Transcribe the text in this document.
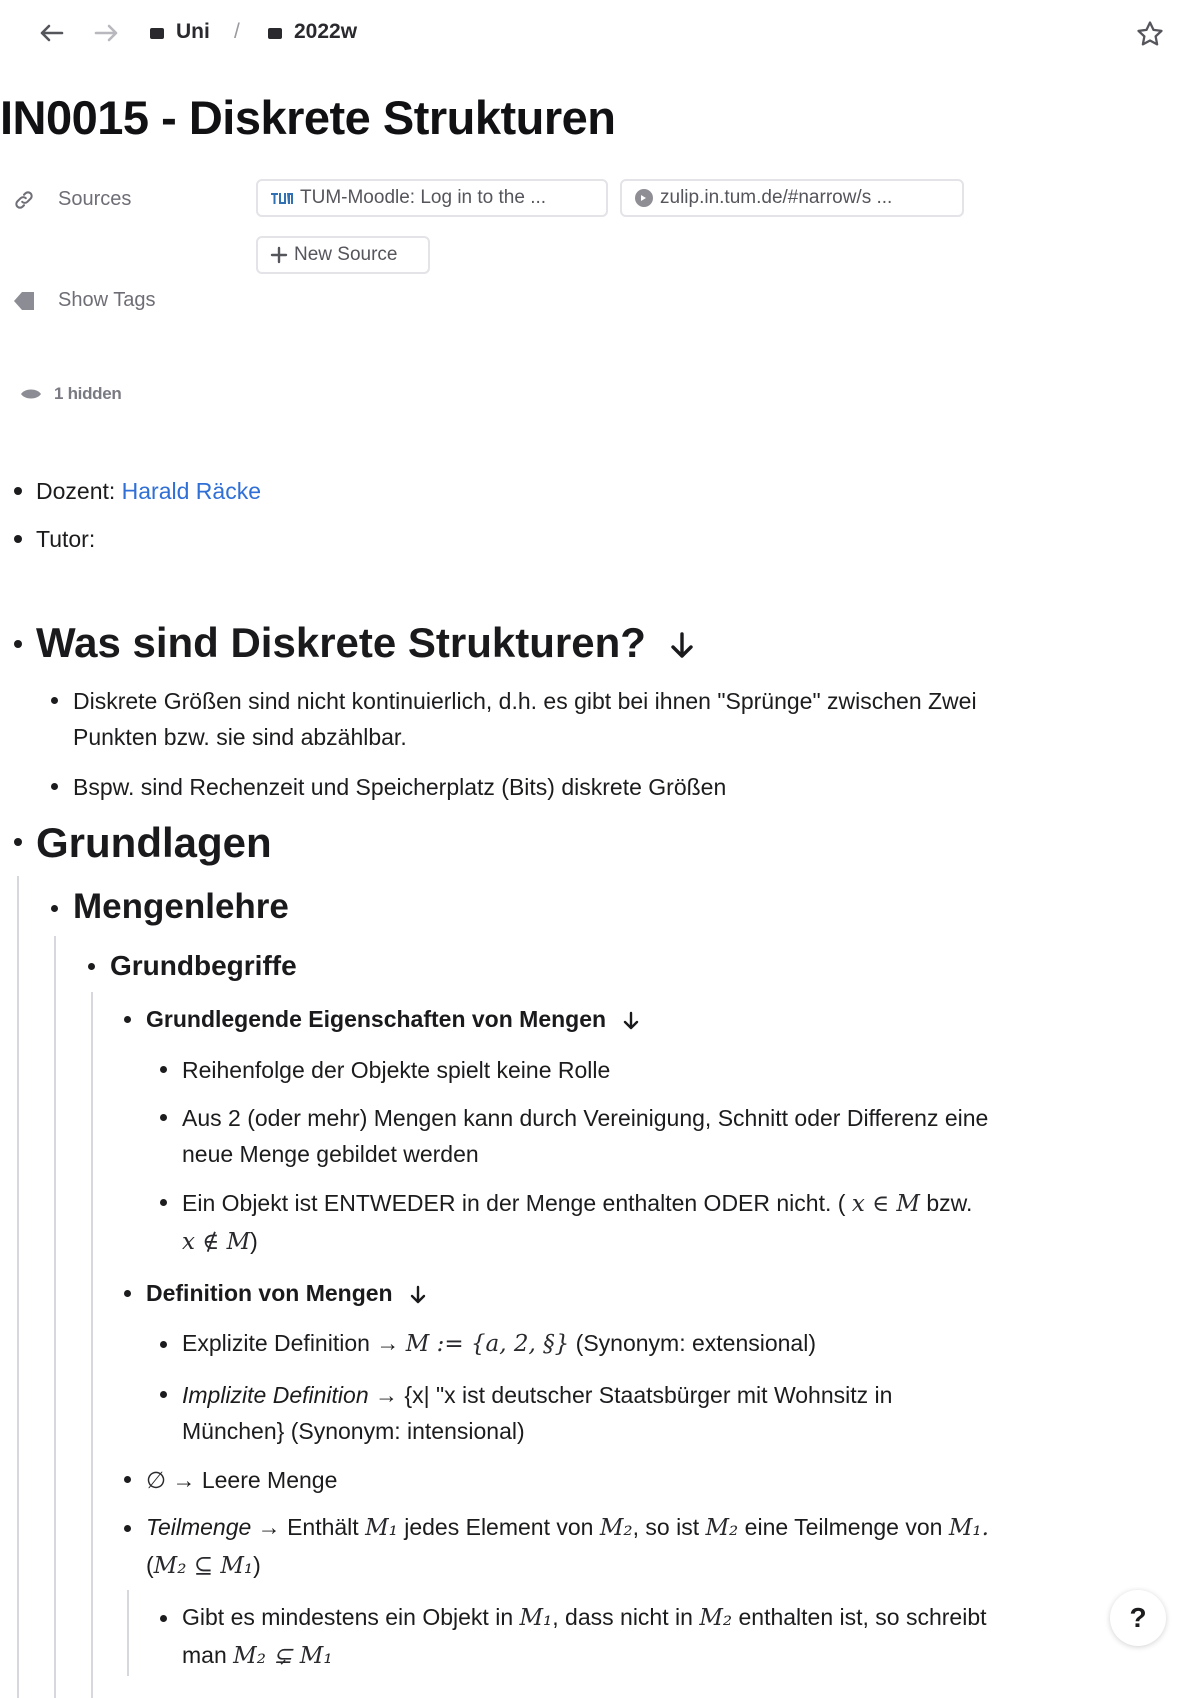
Uni /	2022w
IN0015 - Diskrete Strukturen
Sources	TUM-Moodle: Log in to the ...	zulip.in.tum.de/#narrow/s ...
New Source
Show Tags
1 hidden
Dozent: Harald Räcke
Tutor:
Was sind Diskrete Strukturen?
Diskrete Größen sind nicht kontinuierlich, d.h. es gibt bei ihnen "Sprünge" zwischen Zwei
Punkten bzw. sie sind abzählbar.
Bspw. sind Rechenzeit und Speicherplatz (Bits) diskrete Größen
Grundlagen
Mengenlehre
Grundbegriffe
Grundlegende Eigenschaften von Mengen
Reihenfolge der Objekte spielt keine Rolle
Aus 2 (oder mehr) Mengen kann durch Vereinigung, Schnitt oder Differenz eine
neue Menge gebildet werden
Ein Objekt ist ENTWEDER in der Menge enthalten ODER nicht. ( x ∈ M bzw.
x ∉ M)
Definition von Mengen
Explizite Definition → M := {a, 2, §} (Synonym: extensional)
Implizite Definition → {x| "x ist deutscher Staatsbürger mit Wohnsitz in
München} (Synonym: intensional)
∅ → Leere Menge
Teilmenge → Enthält M₁ jedes Element von M₂, so ist M₂ eine Teilmenge von M₁.
(M₂ ⊆ M₁)
Gibt es mindestens ein Objekt in M₁, dass nicht in M₂ enthalten ist, so schreibt
man M₂ ⊊ M₁
?
